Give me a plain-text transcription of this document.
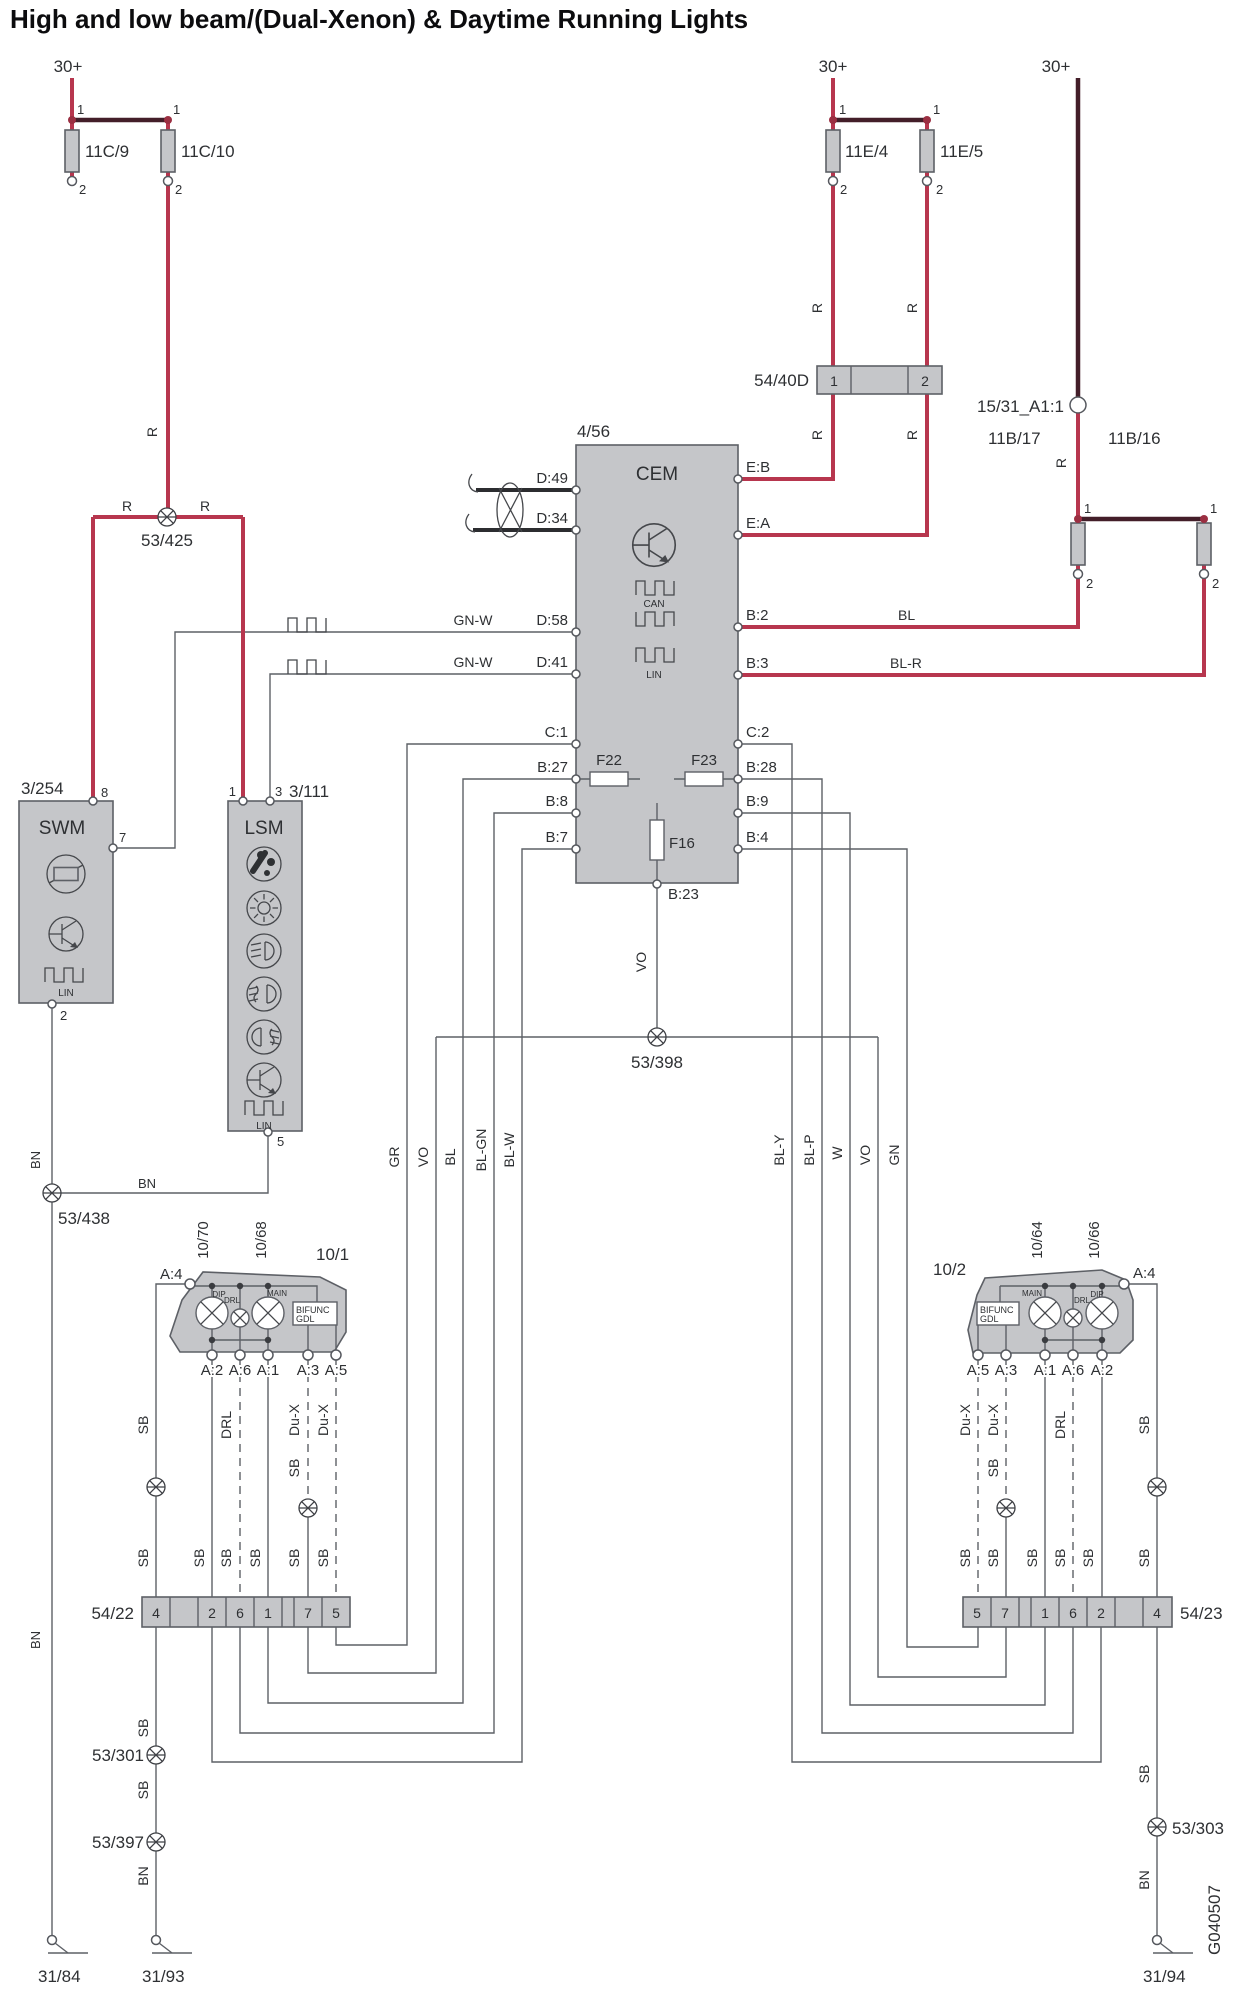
High and low beam/(Dual-Xenon) & Daytime Running Lights
30+	30+	30+
1	1	1	1
1	1
2	2	2	2
2	2
11C/9	11C/10	11E/4	11E/5
11B/17	11B/16
R
R	R
R	R
R	R
R
53/425
54/40D 1	2
15/31_A1:1
BL
BL-R
4/56
CEM
D:49
D:34
D:58
D:41
C:1
B:27
B:8
B:7
E:B
E:A
B:2
B:3
C:2
B:28
B:9
B:4
B:23
GN-W
GN-W
CAN
LIN
F22	F23
F16
3/254
SWM
8
7
2
LIN
3/111
LSM
1	3
5
LIN
53/398
VO
53/438
BN
BN
BN
GR VO BL BL-GN BL-W	BL-Y BL-P W VO GN
10/1
10/70	10/68
A:4
DIP
DRL
MAIN
BIFUNC
GDL
A:2 A:6 A:1 A:3 A:5
10/2
10/64	10/66
A:4
MAIN
DRL
DIP
BIFUNC
GDL
A:5 A:3 A:1 A:6 A:2
SB	DRL	Du-X Du-X
SB
SB	SB SB SB SB SB
SB
DRL
Du-X Du-X
SB
SB SB SB SB SB	SB
54/22 4	2 6 1 7 5	54/23
5 7 1 6 2	4
SB
53/301
SB
53/397
BN
SB
53/303
BN
31/84	31/93	31/94
G040507
